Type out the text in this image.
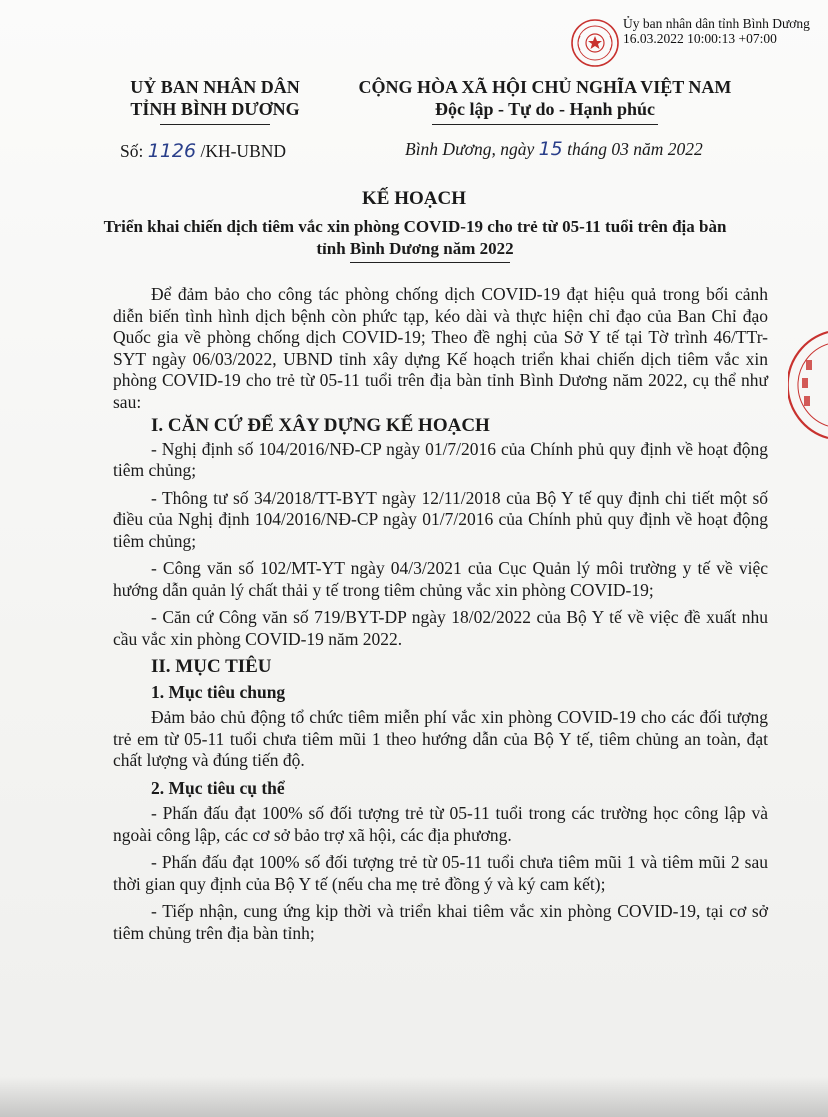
Ủy ban nhân dân tỉnh Bình Dương
16.03.2022 10:00:13 +07:00
UỶ BAN NHÂN DÂN
TỈNH BÌNH DƯƠNG
CỘNG HÒA XÃ HỘI CHỦ NGHĨA VIỆT NAM
Độc lập - Tự do - Hạnh phúc
Số: 1126 /KH-UBND	Bình Dương, ngày 15 tháng 03 năm 2022
KẾ HOẠCH
Triển khai chiến dịch tiêm vắc xin phòng COVID-19 cho trẻ từ 05-11 tuổi trên địa bàn tỉnh Bình Dương năm 2022

Để đảm bảo cho công tác phòng chống dịch COVID-19 đạt hiệu quả trong bối cảnh diễn biến tình hình dịch bệnh còn phức tạp, kéo dài và thực hiện chỉ đạo của Ban Chỉ đạo Quốc gia về phòng chống dịch COVID-19; Theo đề nghị của Sở Y tế tại Tờ trình 46/TTr-SYT ngày 06/03/2022, UBND tỉnh xây dựng Kế hoạch triển khai chiến dịch tiêm vắc xin phòng COVID-19 cho trẻ từ 05-11 tuổi trên địa bàn tỉnh Bình Dương năm 2022, cụ thể như sau:

I. CĂN CỨ ĐỂ XÂY DỰNG KẾ HOẠCH

- Nghị định số 104/2016/NĐ-CP ngày 01/7/2016 của Chính phủ quy định về hoạt động tiêm chủng;

- Thông tư số 34/2018/TT-BYT ngày 12/11/2018 của Bộ Y tế quy định chi tiết một số điều của Nghị định 104/2016/NĐ-CP ngày 01/7/2016 của Chính phủ quy định về hoạt động tiêm chủng;

- Công văn số 102/MT-YT ngày 04/3/2021 của Cục Quản lý môi trường y tế về việc hướng dẫn quản lý chất thải y tế trong tiêm chủng vắc xin phòng COVID-19;

- Căn cứ Công văn số 719/BYT-DP ngày 18/02/2022 của Bộ Y tế về việc đề xuất nhu cầu vắc xin phòng COVID-19 năm 2022.

II. MỤC TIÊU

1. Mục tiêu chung

Đảm bảo chủ động tổ chức tiêm miễn phí vắc xin phòng COVID-19 cho các đối tượng trẻ em từ 05-11 tuổi chưa tiêm mũi 1 theo hướng dẫn của Bộ Y tế, tiêm chủng an toàn, đạt chất lượng và đúng tiến độ.

2. Mục tiêu cụ thể

- Phấn đấu đạt 100% số đối tượng trẻ từ 05-11 tuổi trong các trường học công lập và ngoài công lập, các cơ sở bảo trợ xã hội, các địa phương.

- Phấn đấu đạt 100% số đối tượng trẻ từ 05-11 tuổi chưa tiêm mũi 1 và tiêm mũi 2 sau thời gian quy định của Bộ Y tế (nếu cha mẹ trẻ đồng ý và ký cam kết);

- Tiếp nhận, cung ứng kịp thời và triển khai tiêm vắc xin phòng COVID-19, tại cơ sở tiêm chủng trên địa bàn tỉnh;
